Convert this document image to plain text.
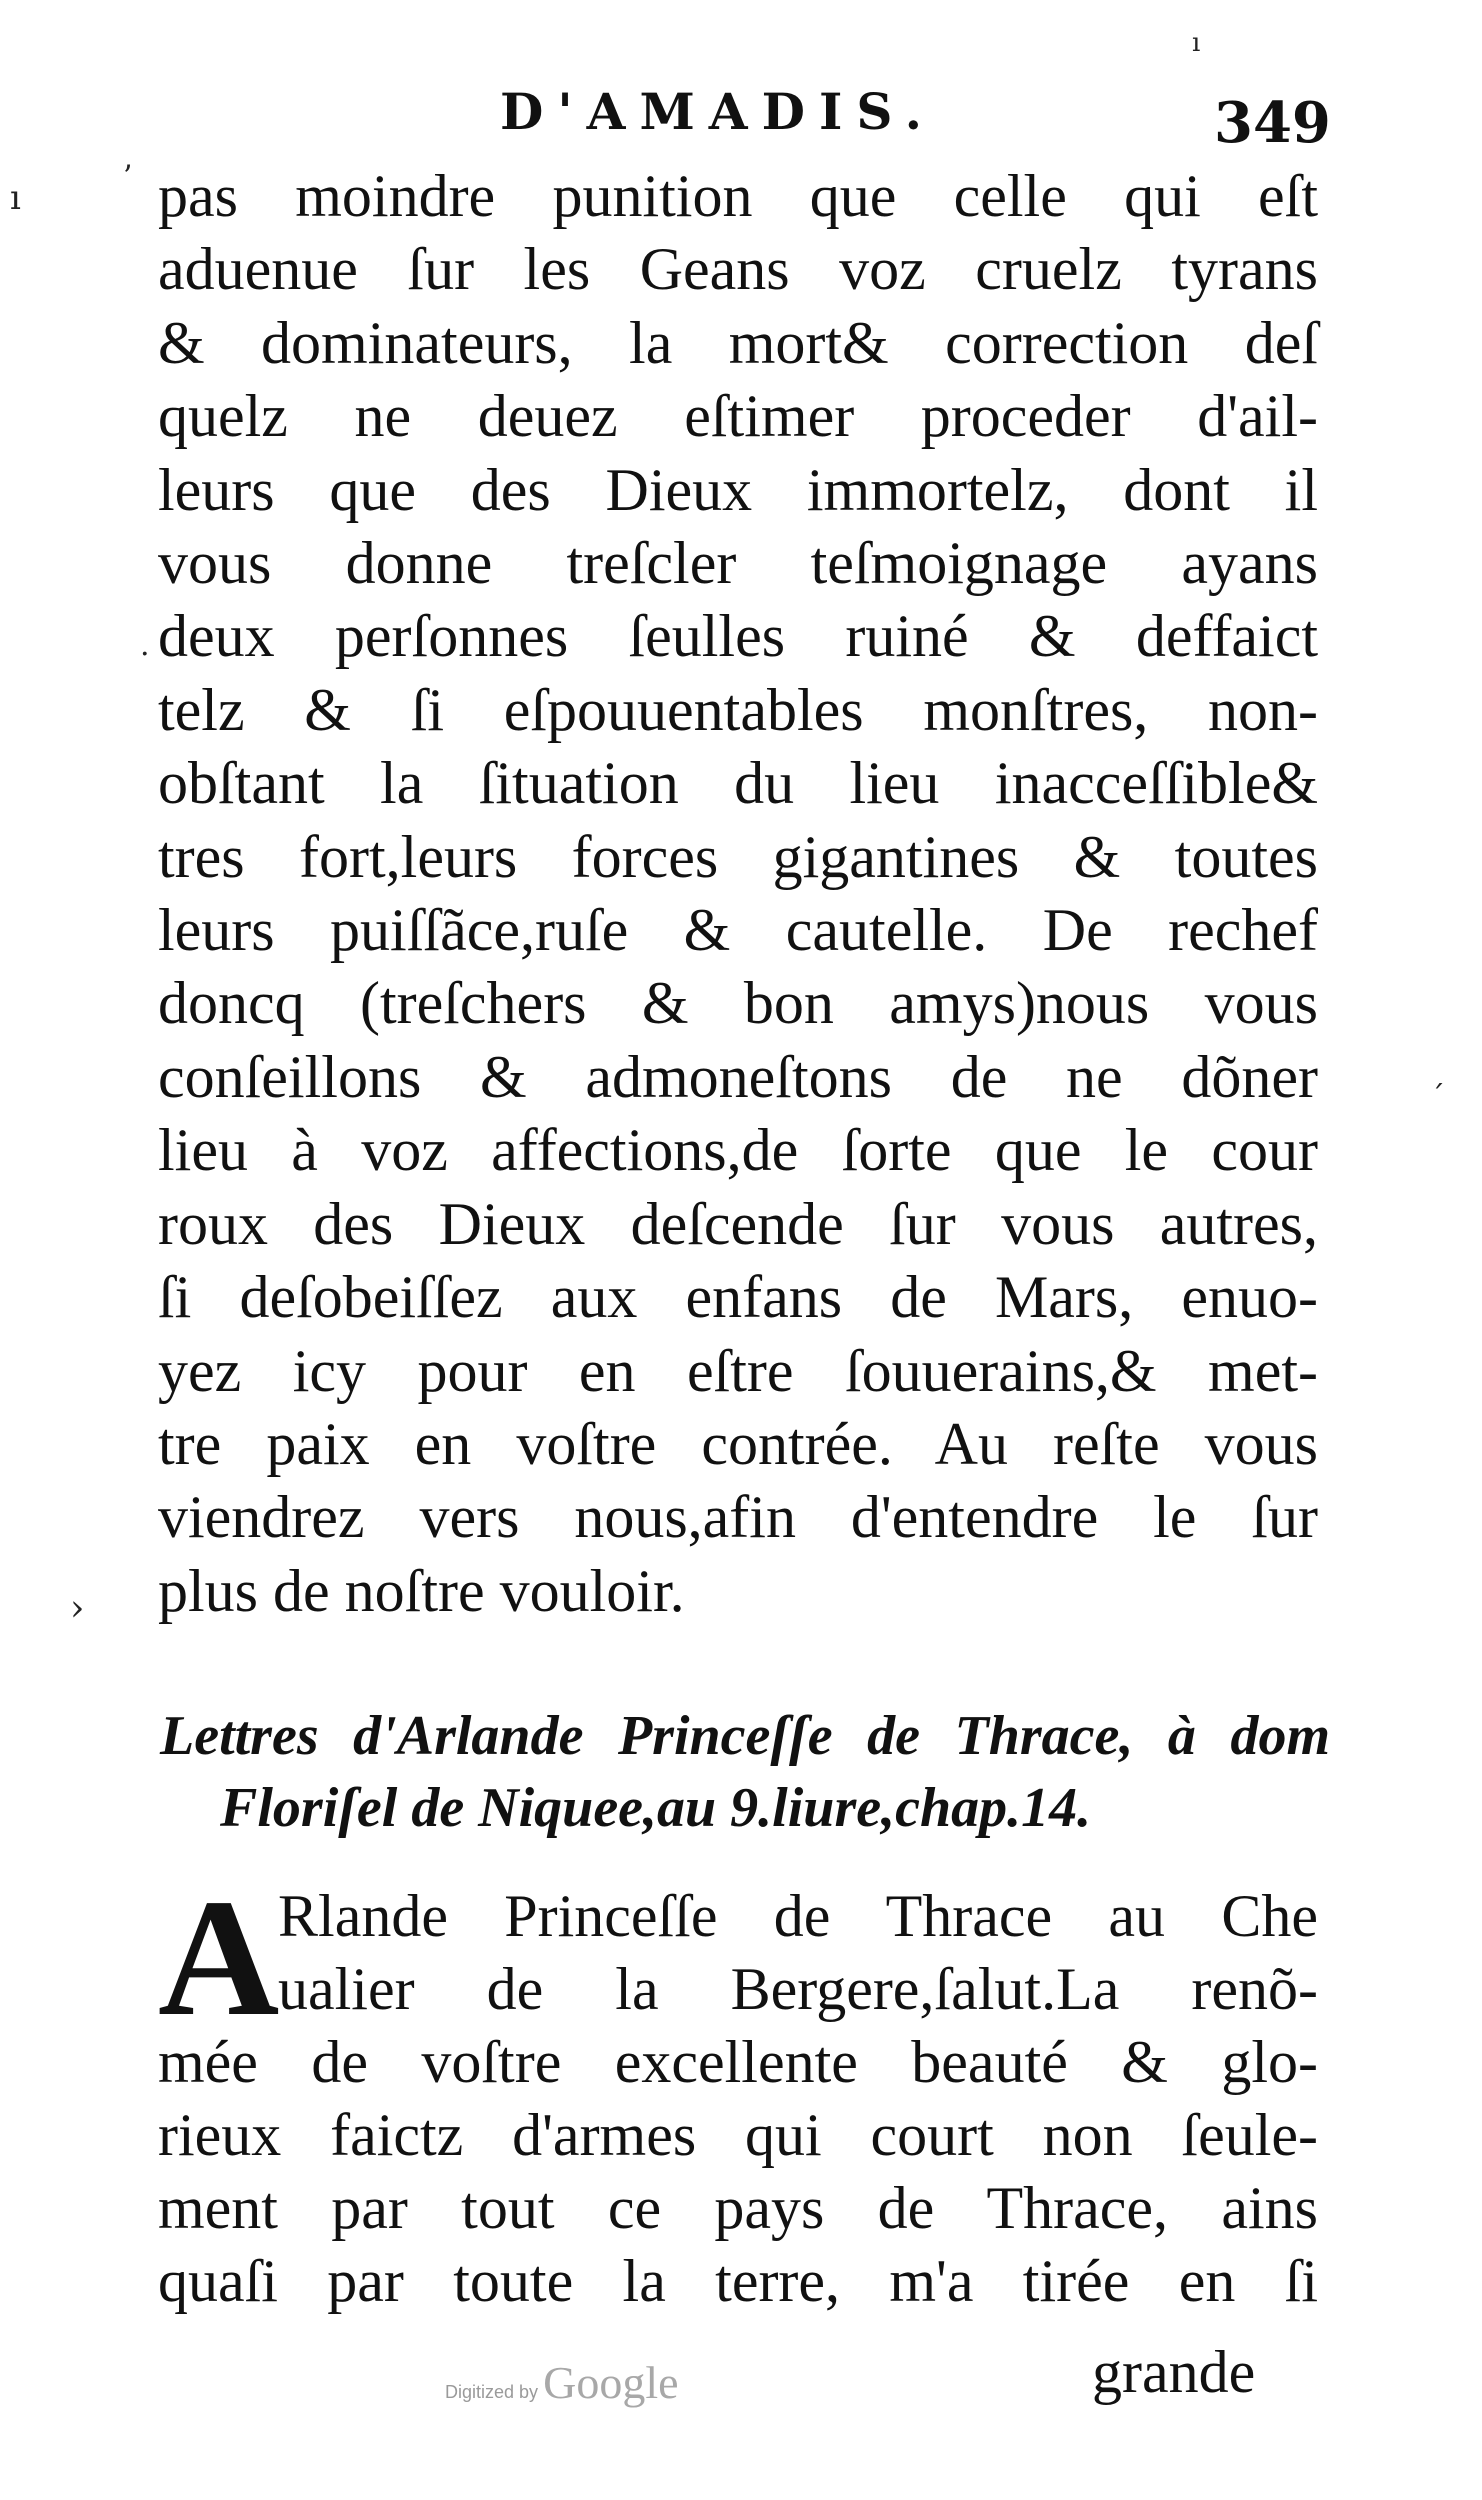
D'AMADIS.	349
pas moindre punition que celle qui eſt
aduenue ſur les Geans voz cruelz tyrans
& dominateurs, la mort& correction deſ
quelz ne deuez eſtimer proceder d'ail-
leurs que des Dieux immortelz, dont il
vous donne treſcler teſmoignage ayans
deux perſonnes ſeulles ruiné & deffaict
telz & ſi eſpouuentables monſtres, non-
obſtant la ſituation du lieu inacceſſible&
tres fort,leurs forces gigantines & toutes
leurs puiſſãce,ruſe & cautelle. De rechef
doncq (treſchers & bon amys)nous vous
conſeillons & admoneſtons de ne dõner
lieu à voz affections,de ſorte que le cour
roux des Dieux deſcende ſur vous autres,
ſi deſobeiſſez aux enfans de Mars, enuo-
yez icy pour en eſtre ſouuerains,& met-
tre paix en voſtre contrée. Au reſte vous
viendrez vers nous,afin d'entendre le ſur
plus de noſtre vouloir.
Lettres d'Arlande Princeſſe de Thrace, à dom
Floriſel de Niquee,au 9.liure,chap.14.
A
Rlande Princeſſe de Thrace au Che
ualier de la Bergere,ſalut.La renõ-
mée de voſtre excellente beauté & glo-
rieux faictz d'armes qui court non ſeule-
ment par tout ce pays de Thrace, ains
quaſi par toute la terre, m'a tirée en ſi
grande
Digitized by Google
ı
ʼ
.
›
ˊ
ı
